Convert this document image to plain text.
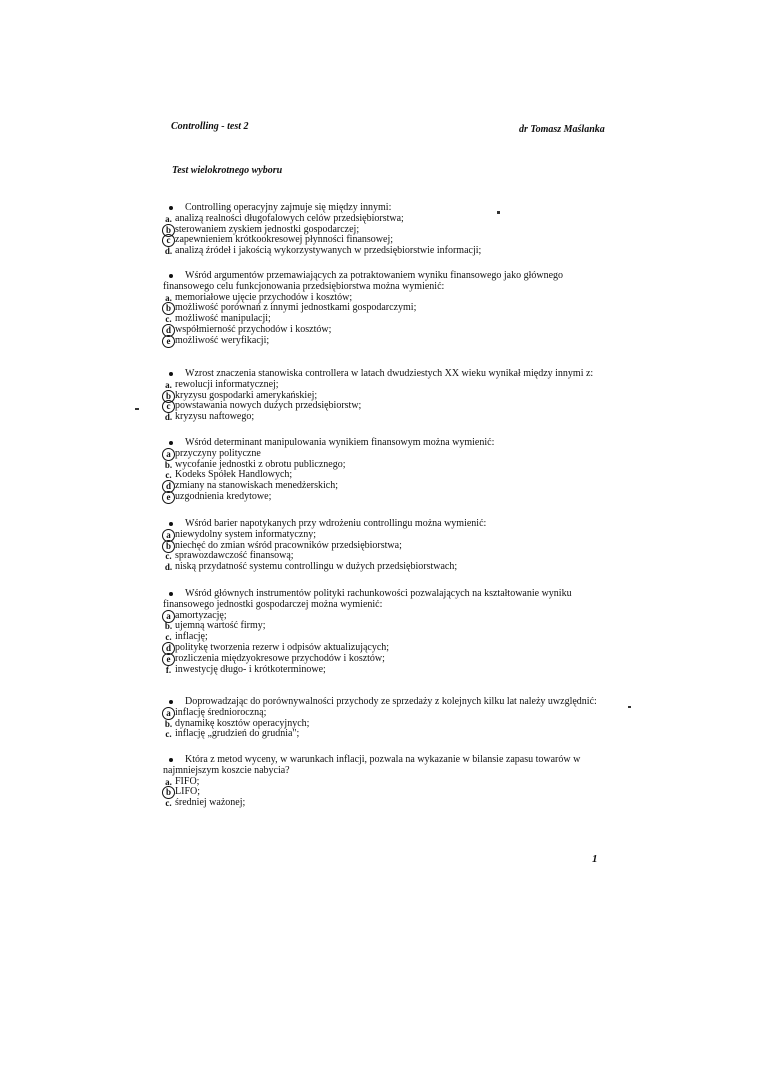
Controlling - test 2	dr Tomasz Maślanka
Test wielokrotnego wyboru

Controlling operacyjny zajmuje się między innymi:

a. analizą realności długofalowych celów przedsiębiorstwa;
b sterowaniem zyskiem jednostki gospodarczej;
c zapewnieniem krótkookresowej płynności finansowej;
d. analizą źródeł i jakością wykorzystywanych w przedsiębiorstwie informacji;

Wśród argumentów przemawiających za potraktowaniem wyniku finansowego jako głównego finansowego celu funkcjonowania przedsiębiorstwa można wymienić:

a. memoriałowe ujęcie przychodów i kosztów;
b możliwość porównań z innymi jednostkami gospodarczymi;
c. możliwość manipulacji;
d współmierność przychodów i kosztów;
e możliwość weryfikacji;

Wzrost znaczenia stanowiska controllera w latach dwudziestych XX wieku wynikał między innymi z:

a. rewolucji informatycznej;
b kryzysu gospodarki amerykańskiej;
c powstawania nowych dużych przedsiębiorstw;
d. kryzysu naftowego;

Wśród determinant manipulowania wynikiem finansowym można wymienić:

a przyczyny polityczne
b. wycofanie jednostki z obrotu publicznego;
c. Kodeks Spółek Handlowych;
d zmiany na stanowiskach menedżerskich;
e uzgodnienia kredytowe;

Wśród barier napotykanych przy wdrożeniu controllingu można wymienić:

a niewydolny system informatyczny;
b niechęć do zmian wśród pracowników przedsiębiorstwa;
c. sprawozdawczość finansową;
d. niską przydatność systemu controllingu w dużych przedsiębiorstwach;

Wśród głównych instrumentów polityki rachunkowości pozwalających na kształtowanie wyniku finansowego jednostki gospodarczej można wymienić:

a amortyzację;
b. ujemną wartość firmy;
c. inflację;
d politykę tworzenia rezerw i odpisów aktualizujących;
e rozliczenia międzyokresowe przychodów i kosztów;
f. inwestycję długo- i krótkoterminowe;

Doprowadzając do porównywalności przychody ze sprzedaży z kolejnych kilku lat należy uwzględnić:

a inflację średnioroczną;
b. dynamikę kosztów operacyjnych;
c. inflację „grudzień do grudnia";

Która z metod wyceny, w warunkach inflacji, pozwala na wykazanie w bilansie zapasu towarów w najmniejszym koszcie nabycia?

a. FIFO;
b LIFO;
c. średniej ważonej;
1
